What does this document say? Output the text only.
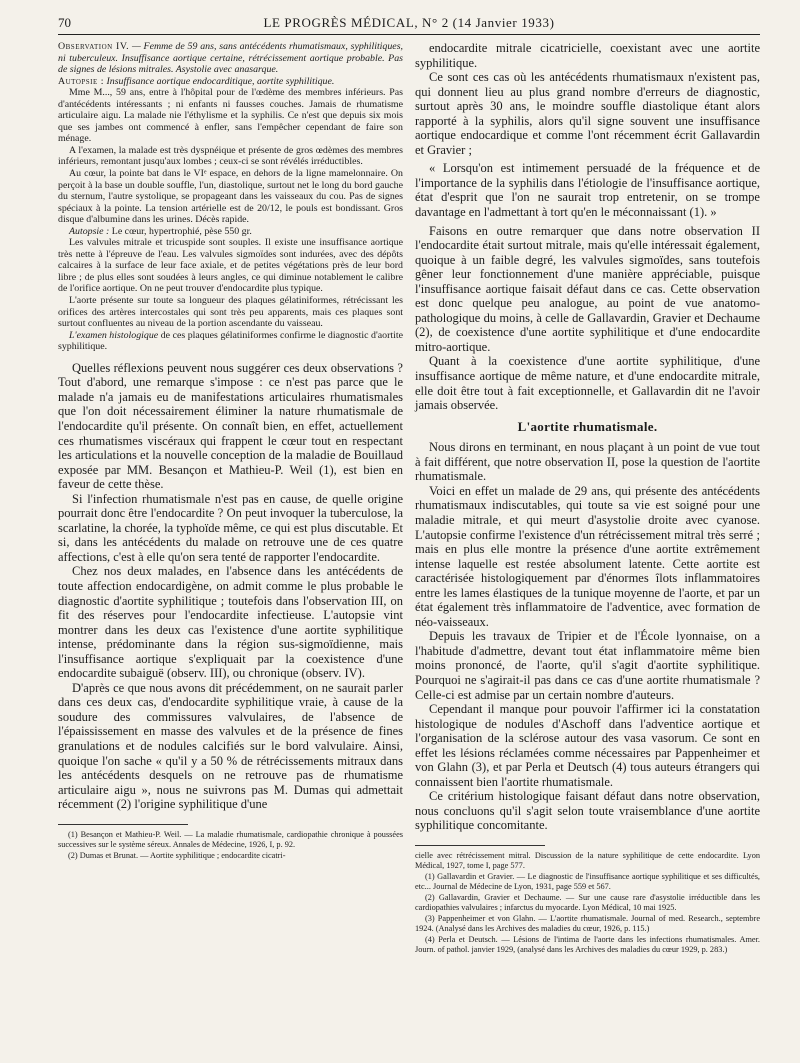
70	LE PROGRÈS MÉDICAL, N° 2 (14 Janvier 1933)

Observation IV. — Femme de 59 ans, sans antécédents rhumatismaux, syphilitiques, ni tuberculeux. Insuffisance aortique certaine, rétrécissement aortique probable. Pas de signes de lésions mitrales. Asystolie avec anasarque.

Autopsie : Insuffisance aortique endocarditique, aortite syphilitique.

Mme M..., 59 ans, entre à l'hôpital pour de l'œdème des membres inférieurs. Pas d'antécédents intéressants ; ni enfants ni fausses couches. Jamais de rhumatisme articulaire aigu. La malade nie l'éthylisme et la syphilis. Ce n'est que depuis six mois que ses jambes ont commencé à enfler, sans l'empêcher cependant de faire son ménage.

A l'examen, la malade est très dyspnéique et présente de gros œdèmes des membres inférieurs, remontant jusqu'aux lombes ; ceux-ci se sont révélés irréductibles.

Au cœur, la pointe bat dans le VIᵉ espace, en dehors de la ligne mamelonnaire. On perçoit à la base un double souffle, l'un, diastolique, surtout net le long du bord gauche du sternum, l'autre systolique, se propageant dans les vaisseaux du cou. Pas de signes spéciaux à la pointe. La tension artérielle est de 20/12, le pouls est bondissant. Gros disque d'albumine dans les urines. Décès rapide.

Autopsie : Le cœur, hypertrophié, pèse 550 gr.

Les valvules mitrale et tricuspide sont souples. Il existe une insuffisance aortique très nette à l'épreuve de l'eau. Les valvules sigmoïdes sont indurées, avec des dépôts calcaires à la surface de leur face axiale, et de petites végétations près de leur bord libre ; de plus elles sont soudées à leurs angles, ce qui diminue notablement le calibre de l'orifice aortique. On ne peut trouver d'endocardite plus typique.

L'aorte présente sur toute sa longueur des plaques gélatiniformes, rétrécissant les orifices des artères intercostales qui sont très peu apparents, mais ces plaques sont surtout confluentes au niveau de la portion ascendante du vaisseau.

L'examen histologique de ces plaques gélatiniformes confirme le diagnostic d'aortite syphilitique.

Quelles réflexions peuvent nous suggérer ces deux observations ? Tout d'abord, une remarque s'impose : ce n'est pas parce que le malade n'a jamais eu de manifestations articulaires rhumatismales que l'on doit nécessairement éliminer la nature rhumatismale de l'endocardite qu'il présente. On connaît bien, en effet, actuellement ces rhumatismes viscéraux qui frappent le cœur tout en respectant les articulations et la nouvelle conception de la maladie de Bouillaud exposée par MM. Besançon et Mathieu-P. Weil (1), est bien en faveur de cette thèse.

Si l'infection rhumatismale n'est pas en cause, de quelle origine pourrait donc être l'endocardite ? On peut invoquer la tuberculose, la scarlatine, la chorée, la typhoïde même, ce qui est plus discutable. Et si, dans les antécédents du malade on retrouve une de ces quatre affections, c'est à elle qu'on sera tenté de rapporter l'endocardite.

Chez nos deux malades, en l'absence dans les antécédents de toute affection endocardigène, on admit comme le plus probable le diagnostic d'aortite syphilitique ; toutefois dans l'observation III, on fit des réserves pour l'endocardite infectieuse. L'autopsie vint montrer dans les deux cas l'existence d'une aortite syphilitique intense, prédominante dans la région sus-sigmoïdienne, mais l'insuffisance aortique s'expliquait par la coexistence d'une endocardite subaiguë (observ. III), ou chronique (observ. IV).

D'après ce que nous avons dit précédemment, on ne saurait parler dans ces deux cas, d'endocardite syphilitique vraie, à cause de la soudure des commissures valvulaires, de l'absence de l'épaississement en masse des valvules et de la présence de fines granulations et de nodules calcifiés sur le bord valvulaire. Ainsi, quoique l'on sache « qu'il y a 50 % de rétrécissements mitraux dans les antécédents desquels on ne retrouve pas de rhumatisme articulaire aigu », nous ne suivrons pas M. Dumas qui admettait récemment (2) l'origine syphilitique d'une

(1) Besançon et Mathieu-P. Weil. — La maladie rhumatismale, cardiopathie chronique à poussées successives sur le système séreux. Annales de Médecine, 1926, I, p. 92.

(2) Dumas et Brunat. — Aortite syphilitique ; endocardite cicatri-

endocardite mitrale cicatricielle, coexistant avec une aortite syphilitique.

Ce sont ces cas où les antécédents rhumatismaux n'existent pas, qui donnent lieu au plus grand nombre d'erreurs de diagnostic, surtout après 30 ans, le moindre souffle diastolique étant alors rapporté à la syphilis, alors qu'il signe souvent une insuffisance aortique endocardique et comme l'ont récemment écrit Gallavardin et Gravier ;

« Lorsqu'on est intimement persuadé de la fréquence et de l'importance de la syphilis dans l'étiologie de l'insuffisance aortique, état d'esprit que l'on ne saurait trop entretenir, on se trompe davantage en l'admettant à tort qu'en le méconnaissant (1). »

Faisons en outre remarquer que dans notre observation II l'endocardite était surtout mitrale, mais qu'elle intéressait également, quoique à un faible degré, les valvules sigmoïdes, sans toutefois gêner leur fonctionnement d'une manière appréciable, puisque l'insuffisance aortique faisait défaut dans ce cas. Cette observation est donc quelque peu analogue, au point de vue anatomo-pathologique du moins, à celle de Gallavardin, Gravier et Dechaume (2), de coexistence d'une aortite syphilitique et d'une endocardite mitro-aortique.

Quant à la coexistence d'une aortite syphilitique, d'une insuffisance aortique de même nature, et d'une endocardite mitrale, elle doit être tout à fait exceptionnelle, et Gallavardin dit ne l'avoir jamais observée.

L'aortite rhumatismale.

Nous dirons en terminant, en nous plaçant à un point de vue tout à fait différent, que notre observation II, pose la question de l'aortite rhumatismale.

Voici en effet un malade de 29 ans, qui présente des antécédents rhumatismaux indiscutables, qui toute sa vie est soigné pour une maladie mitrale, et qui meurt d'asystolie droite avec cyanose. L'autopsie confirme l'existence d'un rétrécissement mitral très serré ; mais en plus elle montre la présence d'une aortite extrêmement intense laquelle est restée absolument latente. Cette aortite est caractérisée histologiquement par d'énormes îlots inflammatoires entre les lames élastiques de la tunique moyenne de l'aorte, et par un état également très inflammatoire de l'adventice, avec formation de néo-vaisseaux.

Depuis les travaux de Tripier et de l'École lyonnaise, on a l'habitude d'admettre, devant tout état inflammatoire même bien moins prononcé, de l'aorte, qu'il s'agit d'aortite syphilitique. Pourquoi ne s'agirait-il pas dans ce cas d'une aortite rhumatismale ? Celle-ci est admise par un certain nombre d'auteurs.

Cependant il manque pour pouvoir l'affirmer ici la constatation histologique de nodules d'Aschoff dans l'adventice aortique et l'organisation de la sclérose autour des vasa vasorum. Ce sont en effet les lésions réclamées comme nécessaires par Pappenheimer et von Glahn (3), et par Perla et Deutsch (4) tous auteurs étrangers qui connaissent bien l'aortite rhumatismale.

Ce critérium histologique faisant défaut dans notre observation, nous concluons qu'il s'agit selon toute vraisemblance d'une aortite syphilitique concomitante.

cielle avec rétrécissement mitral. Discussion de la nature syphilitique de cette endocardite. Lyon Médical, 1927, tome I, page 577.

(1) Gallavardin et Gravier. — Le diagnostic de l'insuffisance aortique syphilitique et ses difficultés, etc... Journal de Médecine de Lyon, 1931, page 559 et 567.

(2) Gallavardin, Gravier et Dechaume. — Sur une cause rare d'asystolie irréductible dans les cardiopathies valvulaires ; infarctus du myocarde. Lyon Médical, 10 mai 1925.

(3) Pappenheimer et von Glahn. — L'aortite rhumatismale. Journal of med. Research., septembre 1924. (Analysé dans les Archives des maladies du cœur, 1926, p. 115.)

(4) Perla et Deutsch. — Lésions de l'intima de l'aorte dans les infections rhumatismales. Amer. Journ. of pathol. janvier 1929, (analysé dans les Archives des maladies du cœur 1929, p. 283.)
